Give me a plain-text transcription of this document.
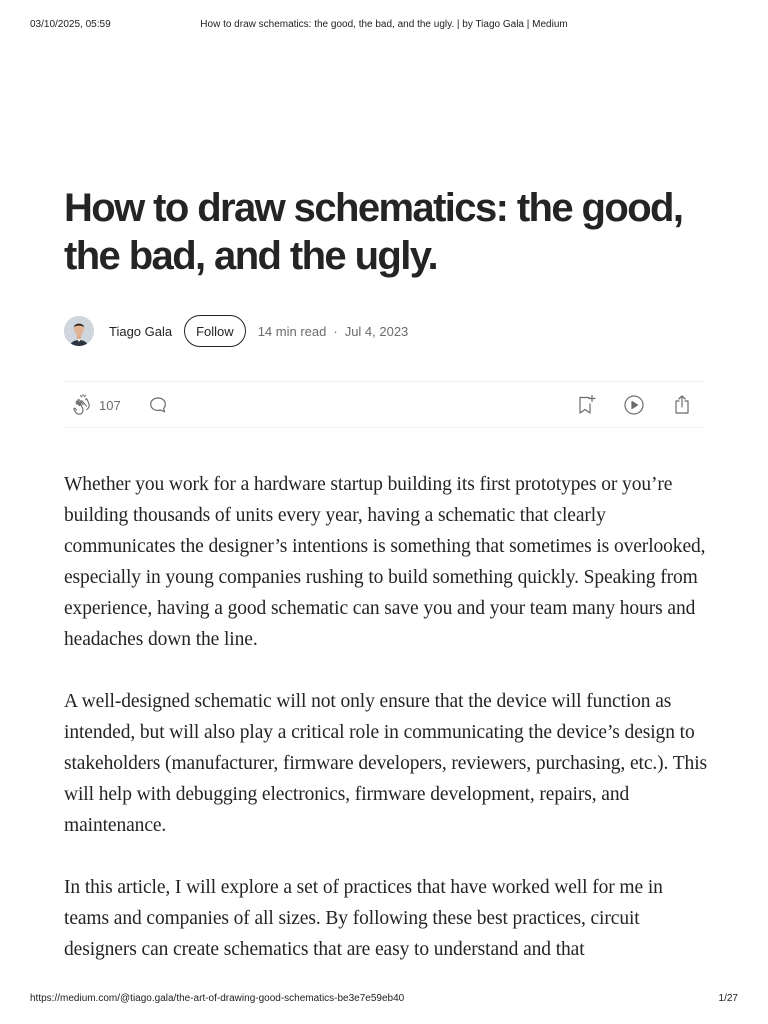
03/10/2025, 05:59	How to draw schematics: the good, the bad, and the ugly. | by Tiago Gala | Medium
How to draw schematics: the good, the bad, and the ugly.
Tiago Gala	Follow	14 min read · Jul 4, 2023
107

Whether you work for a hardware startup building its first prototypes or you’re building thousands of units every year, having a schematic that clearly communicates the designer’s intentions is something that sometimes is overlooked, especially in young companies rushing to build something quickly. Speaking from experience, having a good schematic can save you and your team many hours and headaches down the line.

A well-designed schematic will not only ensure that the device will function as intended, but will also play a critical role in communicating the device’s design to stakeholders (manufacturer, firmware developers, reviewers, purchasing, etc.). This will help with debugging electronics, firmware development, repairs, and maintenance.

In this article, I will explore a set of practices that have worked well for me in teams and companies of all sizes. By following these best practices, circuit designers can create schematics that are easy to understand and that

https://medium.com/@tiago.gala/the-art-of-drawing-good-schematics-be3e7e59eb40	1/27
